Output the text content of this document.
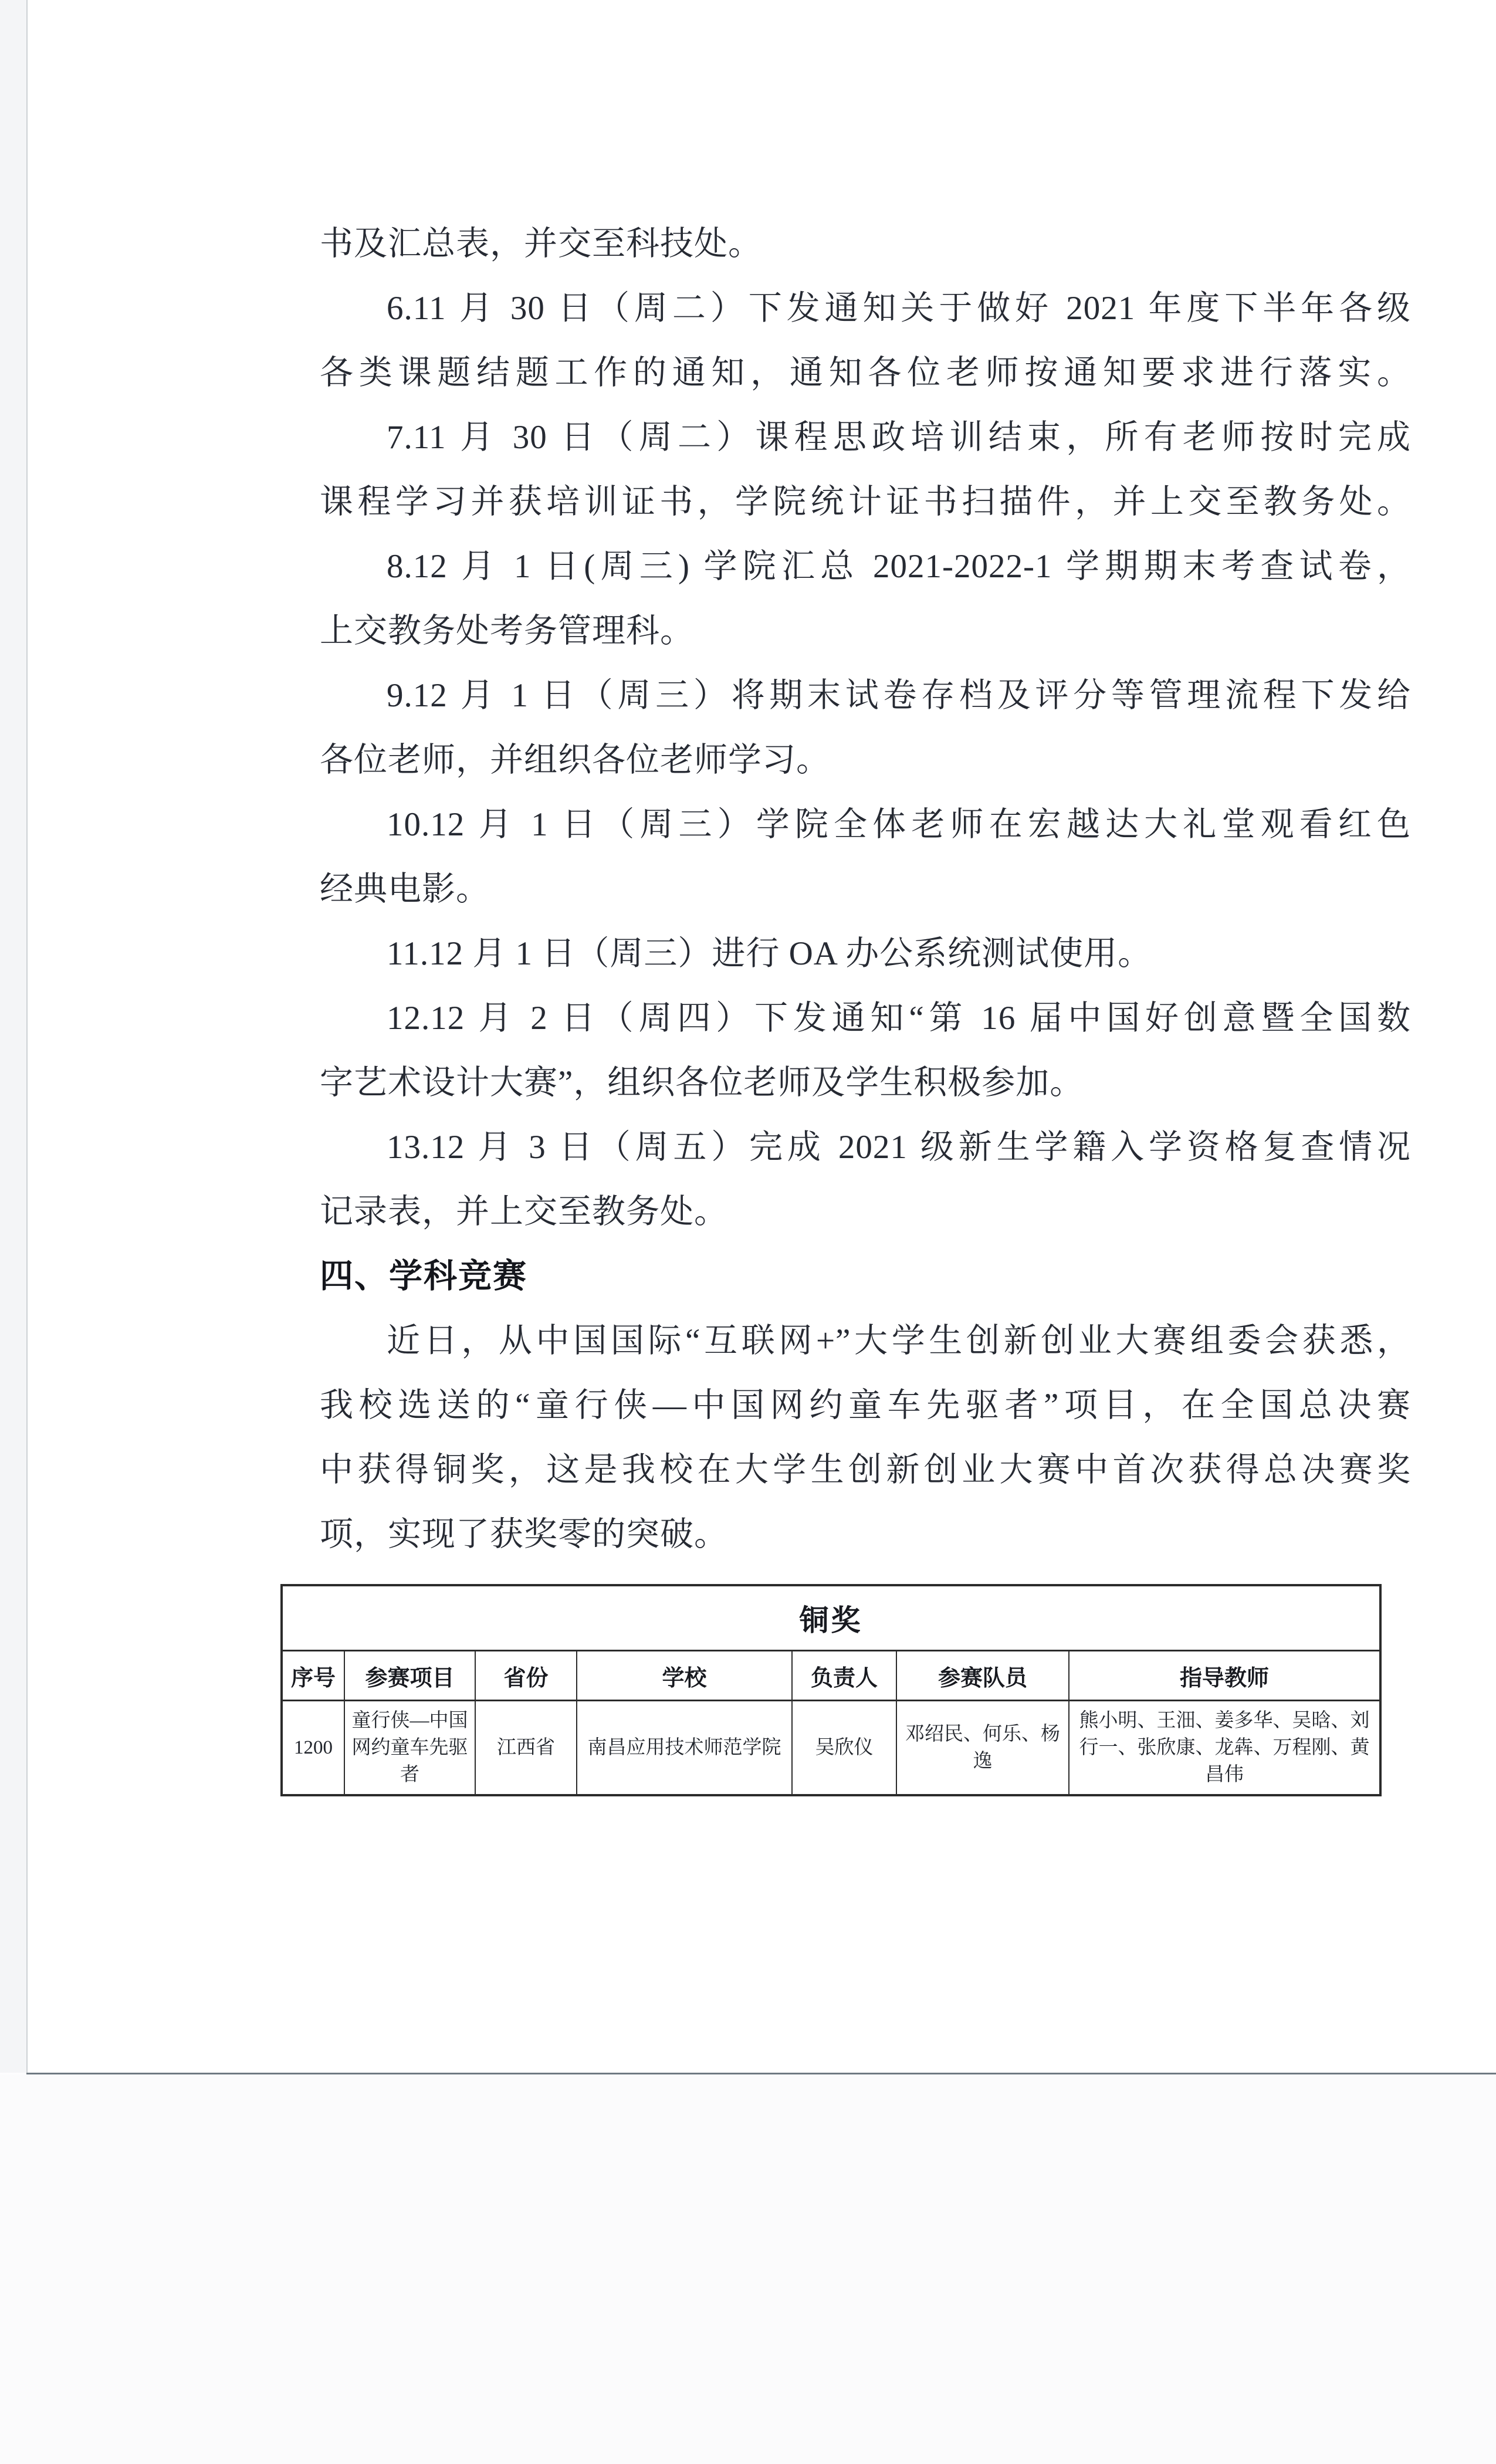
书及汇总表，并交至科技处。
6.11 月 30 日（周二）下发通知关于做好 2021 年度下半年各级
各类课题结题工作的通知，通知各位老师按通知要求进行落实。
7.11 月 30 日（周二）课程思政培训结束，所有老师按时完成
课程学习并获培训证书，学院统计证书扫描件，并上交至教务处。
8.12 月 1 日(周三) 学院汇总 2021-2022-1 学期期末考查试卷，
上交教务处考务管理科。
9.12 月 1 日（周三）将期末试卷存档及评分等管理流程下发给
各位老师，并组织各位老师学习。
10.12 月 1 日（周三）学院全体老师在宏越达大礼堂观看红色
经典电影。
11.12 月 1 日（周三）进行 OA 办公系统测试使用。
12.12 月 2 日（周四）下发通知“第 16 届中国好创意暨全国数
字艺术设计大赛”，组织各位老师及学生积极参加。
13.12 月 3 日（周五）完成 2021 级新生学籍入学资格复查情况
记录表，并上交至教务处。
四、学科竞赛
近日，从中国国际“互联网+”大学生创新创业大赛组委会获悉，
我校选送的“童行侠—中国网约童车先驱者”项目，在全国总决赛
中获得铜奖，这是我校在大学生创新创业大赛中首次获得总决赛奖
项，实现了获奖零的突破。
铜奖						
序号	参赛项目	省份	学校	负责人	参赛队员	指导教师
1200	童行侠—中国网约童车先驱者	江西省	南昌应用技术师范学院	吴欣仪	邓绍民、何乐、杨逸	熊小明、王沺、姜多华、吴晗、刘行一、张欣康、龙犇、万程刚、黄昌伟
